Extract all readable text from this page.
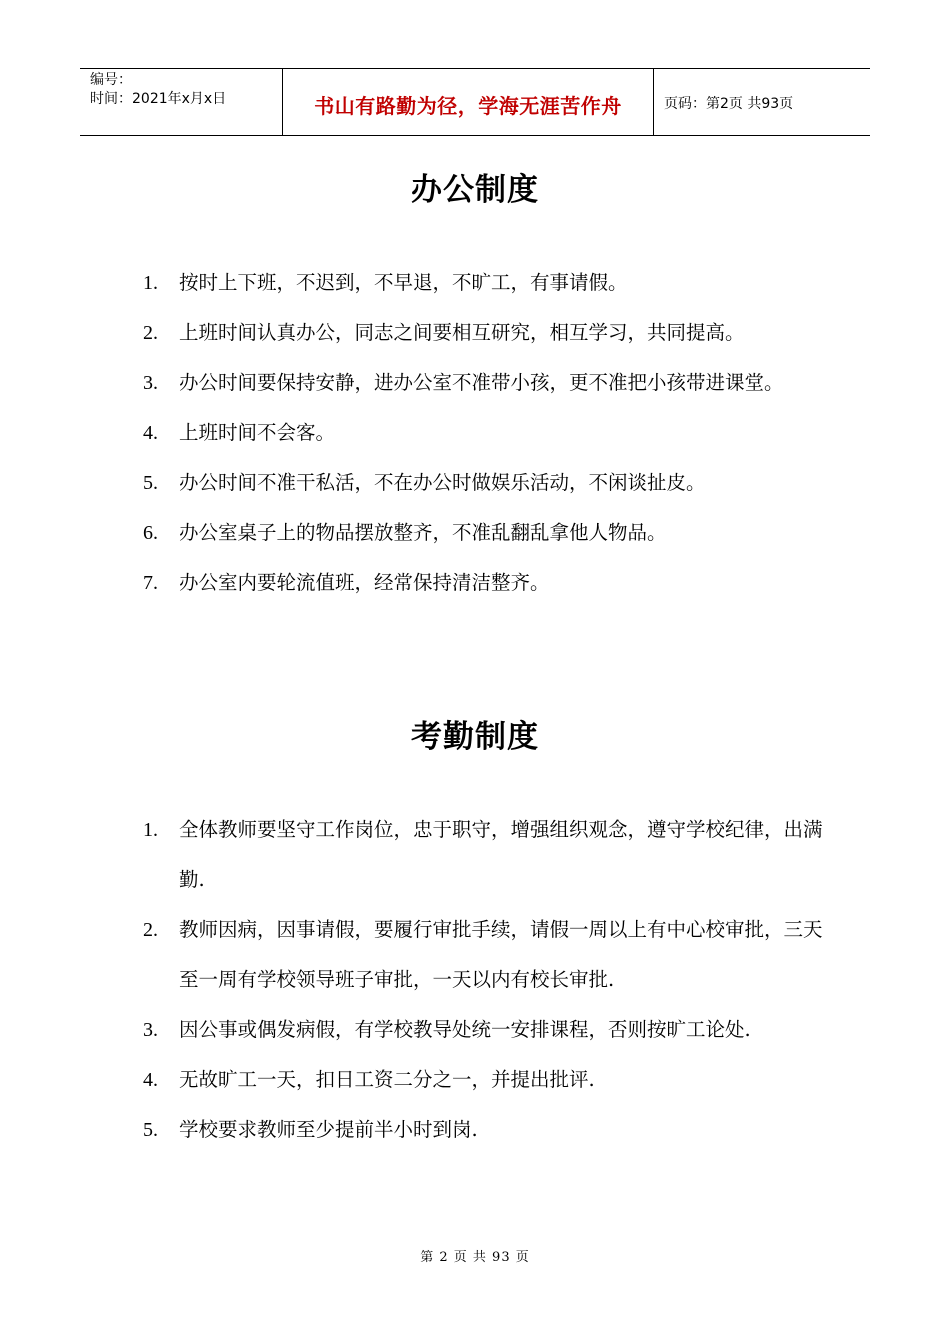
编号：
时间：2021年x月x日	书山有路勤为径，学海无涯苦作舟	页码：第2页 共93页
办公制度
1. 按时上下班，不迟到，不早退，不旷工，有事请假。
2. 上班时间认真办公，同志之间要相互研究，相互学习，共同提高。
3. 办公时间要保持安静，进办公室不准带小孩，更不准把小孩带进课堂。
4. 上班时间不会客。
5. 办公时间不准干私活，不在办公时做娱乐活动，不闲谈扯皮。
6. 办公室桌子上的物品摆放整齐，不准乱翻乱拿他人物品。
7. 办公室内要轮流值班，经常保持清洁整齐。
考勤制度
1. 全体教师要坚守工作岗位，忠于职守，增强组织观念，遵守学校纪律，出满勤.
2. 教师因病，因事请假，要履行审批手续，请假一周以上有中心校审批，三天至一周有学校领导班子审批，一天以内有校长审批.
3. 因公事或偶发病假，有学校教导处统一安排课程，否则按旷工论处.
4. 无故旷工一天，扣日工资二分之一，并提出批评.
5. 学校要求教师至少提前半小时到岗.
第 2 页 共 93 页
